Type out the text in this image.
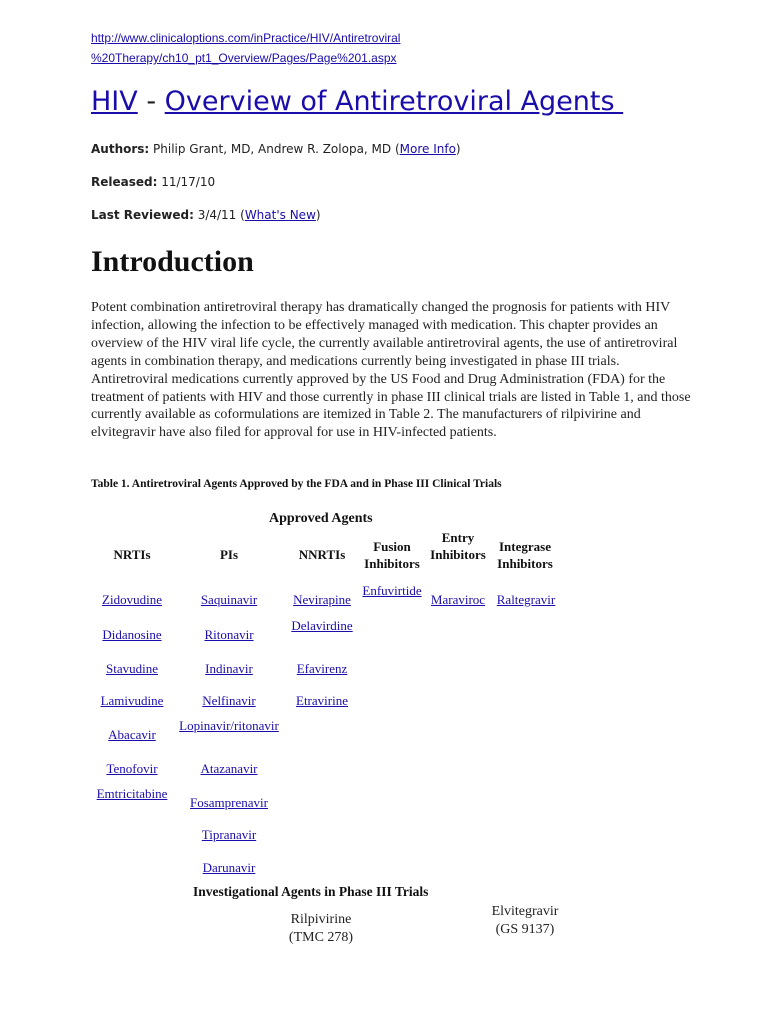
http://www.clinicaloptions.com/inPractice/HIV/Antiretroviral
%20Therapy/ch10_pt1_Overview/Pages/Page%201.aspx
HIV - Overview of Antiretroviral Agents
Authors: Philip Grant, MD, Andrew R. Zolopa, MD (More Info)
Released: 11/17/10
Last Reviewed: 3/4/11 (What's New)
Introduction
Potent combination antiretroviral therapy has dramatically changed the prognosis for patients with HIV infection, allowing the infection to be effectively managed with medication. This chapter provides an overview of the HIV viral life cycle, the currently available antiretroviral agents, the use of antiretroviral agents in combination therapy, and medications currently being investigated in phase III trials. Antiretroviral medications currently approved by the US Food and Drug Administration (FDA) for the treatment of patients with HIV and those currently in phase III clinical trials are listed in Table 1, and those currently available as coformulations are itemized in Table 2. The manufacturers of rilpivirine and elvitegravir have also filed for approval for use in HIV-infected patients.
Table 1. Antiretroviral Agents Approved by the FDA and in Phase III Clinical Trials
Approved Agents
NRTIs	PIs	NNRTIs
Fusion Inhibitors
Entry Inhibitors
Integrase Inhibitors
Zidovudine
Didanosine
Stavudine
Lamivudine
Abacavir
Tenofovir
Emtricitabine
Saquinavir
Ritonavir
Indinavir
Nelfinavir
Lopinavir/ritonavir
Atazanavir
Fosamprenavir
Tipranavir
Darunavir
Nevirapine
Delavirdine
Efavirenz
Etravirine
Enfuvirtide
Maraviroc Raltegravir
Investigational Agents in Phase III Trials
Rilpivirine (TMC 278)
Elvitegravir (GS 9137)
